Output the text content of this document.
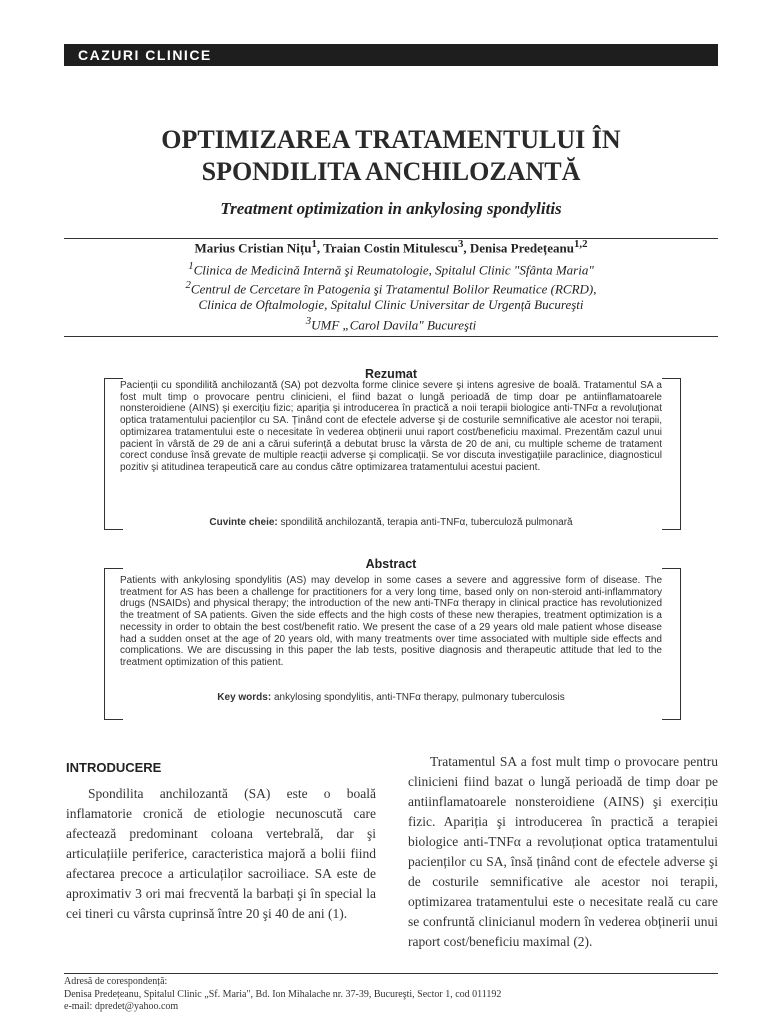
CAZURI CLINICE
OPTIMIZAREA TRATAMENTULUI ÎN
SPONDILITA ANCHILOZANTĂ
Treatment optimization in ankylosing spondylitis
Marius Cristian Nițu$^1$, Traian Costin Mitulescu$^3$, Denisa Predețeanu$^{1,2}$
$^1$Clinica de Medicină Internă şi Reumatologie, Spitalul Clinic "Sfânta Maria"
$^2$Centrul de Cercetare în Patogenia şi Tratamentul Bolilor Reumatice (RCRD),
Clinica de Oftalmologie, Spitalul Clinic Universitar de Urgență Bucureşti
$^3$UMF „Carol Davila" Bucureşti
Rezumat
Pacienții cu spondilită anchilozantă (SA) pot dezvolta forme clinice severe şi intens agresive de boală. Tratamentul SA a fost mult timp o provocare pentru clinicieni, el fiind bazat o lungă perioadă de timp doar pe antiinflamatoarele nonsteroidiene (AINS) şi exercițiu fizic; apariția şi introducerea în practică a noii terapii biologice anti-TNFα a revoluționat optica tratamentului pacienților cu SA. Ținând cont de efectele adverse şi de costurile semnificative ale acestor noi terapii, optimizarea tratamentului este o necesitate în vederea obținerii unui raport cost/beneficiu maximal. Prezentăm cazul unui pacient în vârstă de 29 de ani a cărui suferință a debutat brusc la vârsta de 20 de ani, cu multiple scheme de tratament corect conduse însă grevate de multiple reacții adverse şi complicații. Se vor discuta investigațiile paraclinice, diagnosticul pozitiv şi atitudinea terapeutică care au condus către optimizarea tratamentului acestui pacient.
Cuvinte cheie: spondilită anchilozantă, terapia anti-TNFα, tuberculoză pulmonară
Abstract
Patients with ankylosing spondylitis (AS) may develop in some cases a severe and aggressive form of disease. The treatment for AS has been a challenge for practitioners for a very long time, based only on non-steroid anti-inflammatory drugs (NSAIDs) and physical therapy; the introduction of the new anti-TNFα therapy in clinical practice has revolutionized the treatment of SA patients. Given the side effects and the high costs of these new therapies, treatment optimization is a necessity in order to obtain the best cost/benefit ratio. We present the case of a 29 years old male patient whose disease had a sudden onset at the age of 20 years old, with many treatments over time associated with multiple side effects and complications. We are discussing in this paper the lab tests, positive diagnosis and therapeutic attitude that led to the treatment optimization of this patient.
Key words: ankylosing spondylitis, anti-TNFα therapy, pulmonary tuberculosis
INTRODUCERE
Spondilita anchilozantă (SA) este o boală inflamatorie cronică de etiologie necunoscută care afectează predominant coloana vertebrală, dar şi articulațiile periferice, caracteristica majoră a bolii fiind afectarea precoce a articulaților sacroiliace. SA este de aproximativ 3 ori mai frecventă la barbați şi în special la cei tineri cu vârsta cuprinsă între 20 şi 40 de ani (1).
Tratamentul SA a fost mult timp o provocare pentru clinicieni fiind bazat o lungă perioadă de timp doar pe antiinflamatoarele nonsteroidiene (AINS) şi exercițiu fizic. Apariția şi introducerea în practică a terapiei biologice anti-TNFα a revoluționat optica tratamentului pacienților cu SA, însă ținând cont de efectele adverse şi de costurile semnificative ale acestor noi terapii, optimizarea tratamentului este o necesitate reală cu care se confruntă clinicianul modern în vederea obținerii unui raport cost/beneficiu maximal (2).
Adresă de corespondență:
Denisa Predețeanu, Spitalul Clinic „Sf. Maria", Bd. Ion Mihalache nr. 37-39, Bucureşti, Sector 1, cod 011192
e-mail: dpredet@yahoo.com
